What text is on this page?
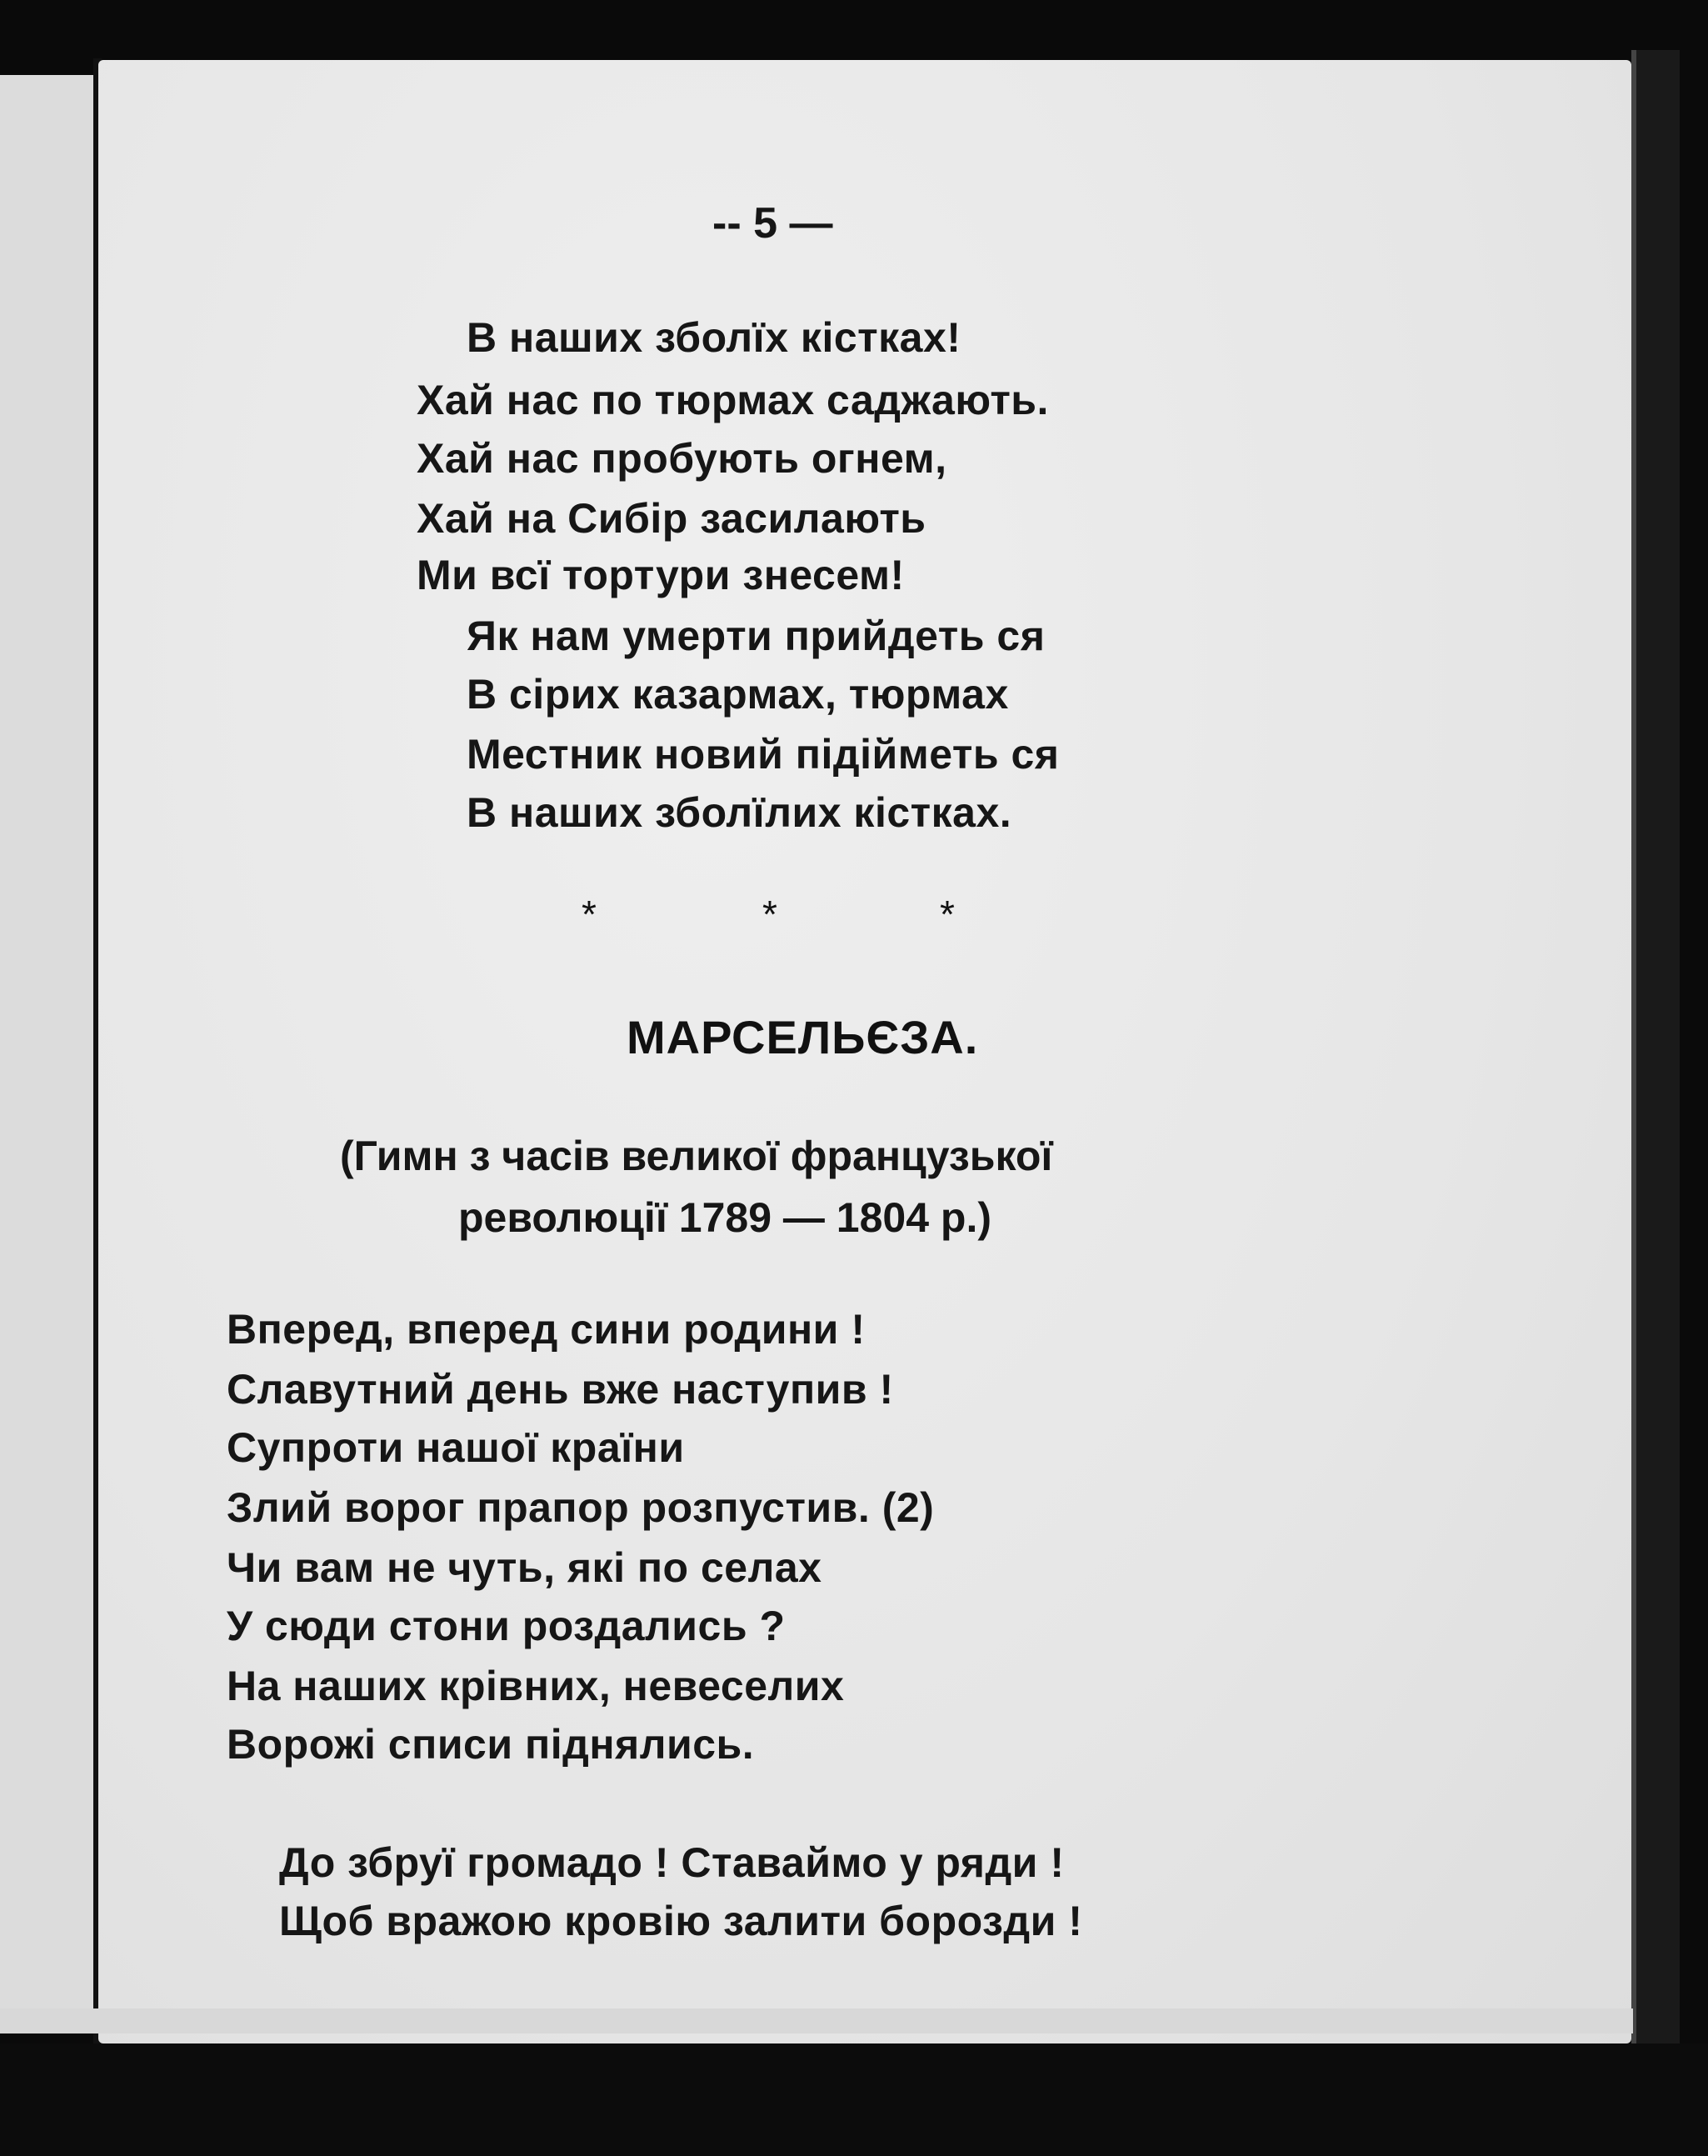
-- 5 —
В наших зболїх кістках!
Хай нас по тюрмах саджають.
Хай нас пробують огнем,
Хай на Сибір засилають
Ми всї тортури знесем!
Як нам умерти прийдеть ся
В сірих казармах, тюрмах
Местник новий підійметь ся
В наших зболїлих кістках.
*	*	*
МАРСЕЛЬЄЗА.
(Гимн з часів великої французької
революції 1789 — 1804 р.)
Вперед, вперед сини родини !
Славутний день вже наступив !
Супроти нашої країни
Злий ворог прапор розпустив. (2)
Чи вам не чуть, які по селах
У сюди стони роздались ?
На наших крівних, невеселих
Ворожі списи піднялись.
До збруї громадо ! Ставаймо у ряди !
Щоб вражою кровію залити борозди !
